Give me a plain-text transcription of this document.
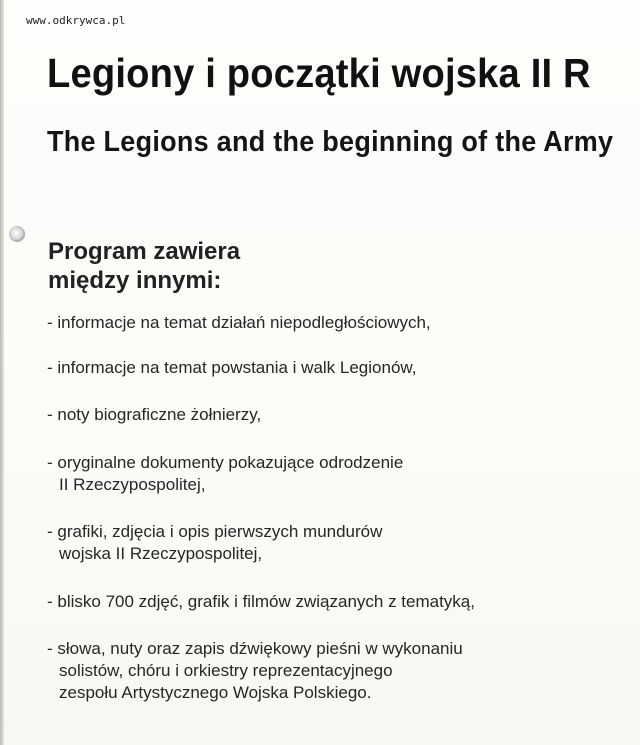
www.odkrywca.pl
Legiony i początki wojska II R
The Legions and the beginning of the Army
Program zawiera
między innymi:
- informacje na temat działań niepodległościowych,
- informacje na temat powstania i walk Legionów,
- noty biograficzne żołnierzy,
- oryginalne dokumenty pokazujące odrodzenie
II Rzeczypospolitej,
- grafiki, zdjęcia i opis pierwszych mundurów
wojska II Rzeczypospolitej,
- blisko 700 zdjęć, grafik i filmów związanych z tematyką,
- słowa, nuty oraz zapis dźwiękowy pieśni w wykonaniu
solistów, chóru i orkiestry reprezentacyjnego
zespołu Artystycznego Wojska Polskiego.
